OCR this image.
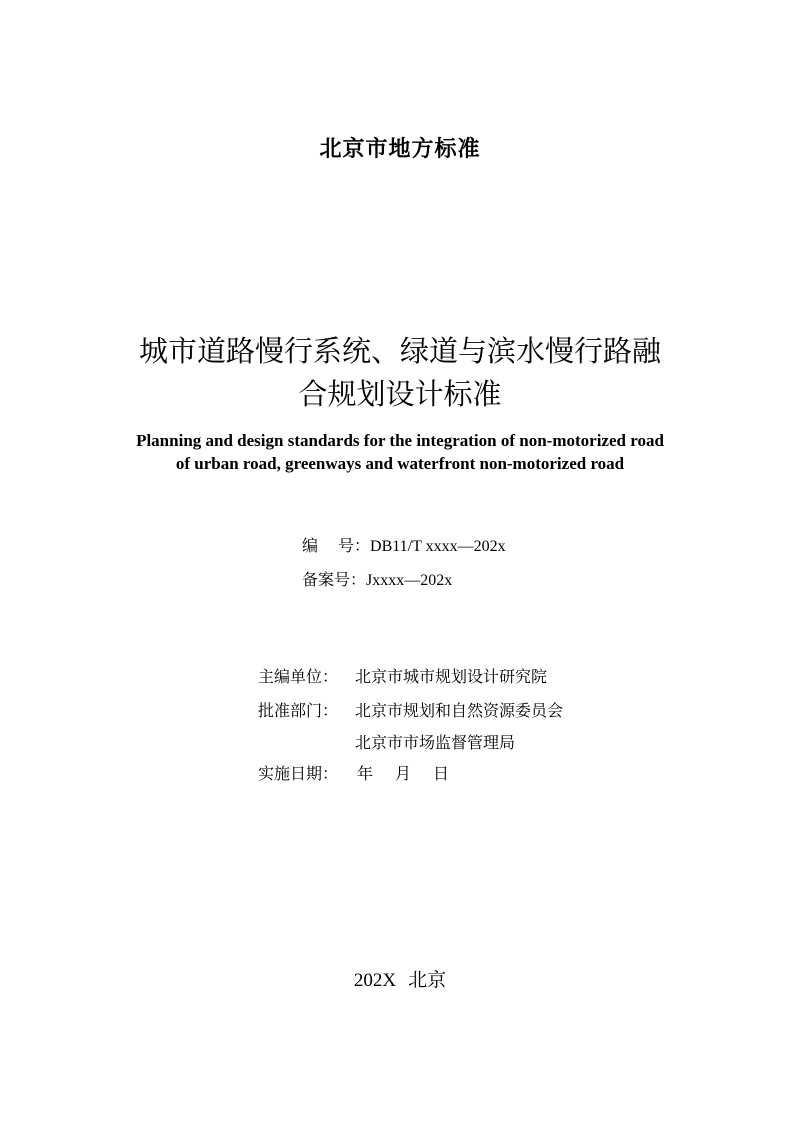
北京市地方标准
城市道路慢行系统、绿道与滨水慢行路融
合规划设计标准
Planning and design standards for the integration of non-motorized road
of urban road, greenways and waterfront non-motorized road
编 号：DB11/T xxxx—202x
备案号：Jxxxx—202x
主编单位： 北京市城市规划设计研究院
批准部门： 北京市规划和自然资源委员会
北京市市场监督管理局
实施日期： 年 月 日
202X 北京
